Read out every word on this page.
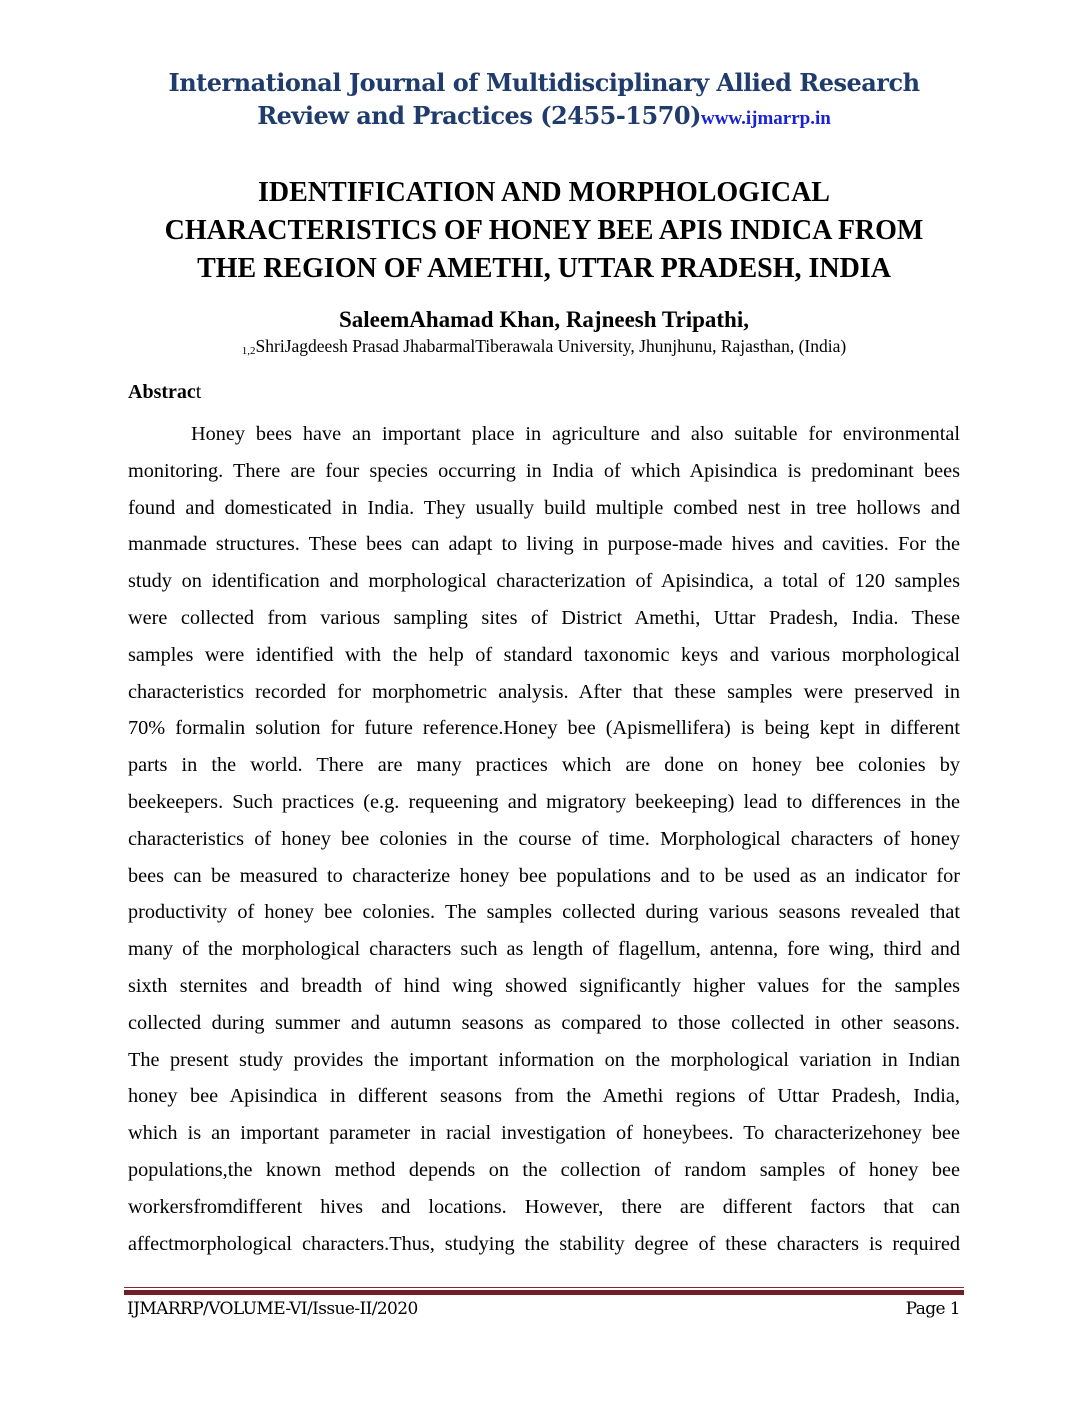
International Journal of Multidisciplinary Allied Research
Review and Practices (2455-1570)www.ijmarrp.in
IDENTIFICATION AND MORPHOLOGICAL
CHARACTERISTICS OF HONEY BEE APIS INDICA FROM
THE REGION OF AMETHI, UTTAR PRADESH, INDIA
SaleemAhamad Khan, Rajneesh Tripathi,
$_{1,2}$ShriJagdeesh Prasad JhabarmalTiberawala University, Jhunjhunu, Rajasthan, (India)
Abstract
Honey bees have an important place in agriculture and also suitable for environmental
monitoring. There are four species occurring in India of which Apisindica is predominant bees
found and domesticated in India. They usually build multiple combed nest in tree hollows and
manmade structures. These bees can adapt to living in purpose-made hives and cavities. For the
study on identification and morphological characterization of Apisindica, a total of 120 samples
were collected from various sampling sites of District Amethi, Uttar Pradesh, India. These
samples were identified with the help of standard taxonomic keys and various morphological
characteristics recorded for morphometric analysis. After that these samples were preserved in
70% formalin solution for future reference.Honey bee (Apismellifera) is being kept in different
parts in the world. There are many practices which are done on honey bee colonies by
beekeepers. Such practices (e.g. requeening and migratory beekeeping) lead to differences in the
characteristics of honey bee colonies in the course of time. Morphological characters of honey
bees can be measured to characterize honey bee populations and to be used as an indicator for
productivity of honey bee colonies. The samples collected during various seasons revealed that
many of the morphological characters such as length of flagellum, antenna, fore wing, third and
sixth sternites and breadth of hind wing showed significantly higher values for the samples
collected during summer and autumn seasons as compared to those collected in other seasons.
The present study provides the important information on the morphological variation in Indian
honey bee Apisindica in different seasons from the Amethi regions of Uttar Pradesh, India,
which is an important parameter in racial investigation of honeybees. To characterizehoney bee
populations,the known method depends on the collection of random samples of honey bee
workersfromdifferent hives and locations. However, there are different factors that can
affectmorphological characters.Thus, studying the stability degree of these characters is required
IJMARRP/VOLUME-VI/Issue-II/2020	Page 1
